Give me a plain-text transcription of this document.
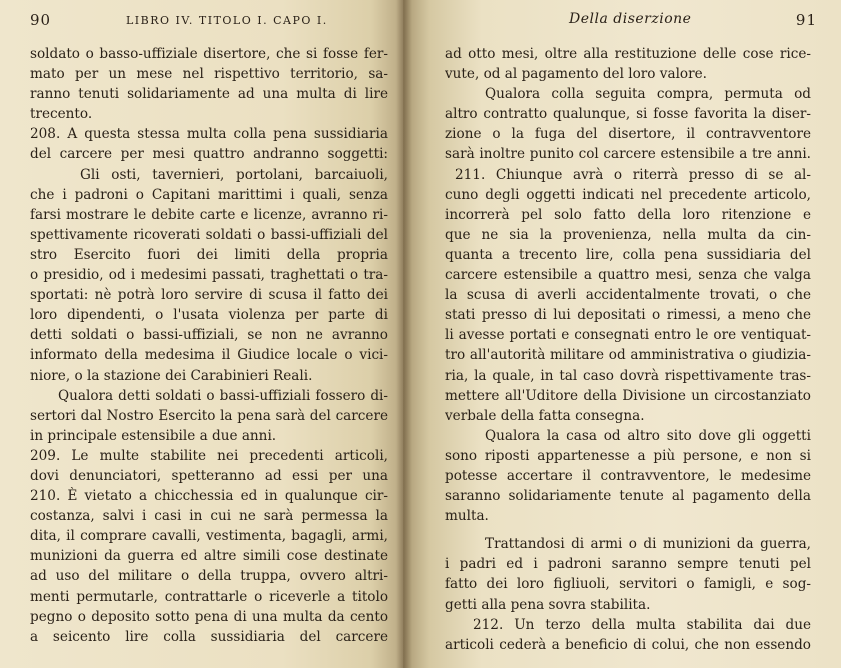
90	LIBRO IV. TITOLO I. CAPO I.
soldato o basso-uffiziale disertore, che si fosse fer-
mato per un mese nel rispettivo territorio, sa-
ranno tenuti solidariamente ad una multa di lire
trecento.
208. A questa stessa multa colla pena sussidiaria
del carcere per mesi quattro andranno soggetti:
Gli osti, tavernieri, portolani, barcaiuoli,
che i padroni o Capitani marittimi i quali, senza
farsi mostrare le debite carte e licenze, avranno ri-
spettivamente ricoverati soldati o bassi-uffiziali del
stro Esercito fuori dei limiti della propria
o presidio, od i medesimi passati, traghettati o tra-
sportati: nè potrà loro servire di scusa il fatto dei
loro dipendenti, o l'usata violenza per parte di
detti soldati o bassi-uffiziali, se non ne avranno
informato della medesima il Giudice locale o vici-
niore, o la stazione dei Carabinieri Reali.
Qualora detti soldati o bassi-uffiziali fossero di-
sertori dal Nostro Esercito la pena sarà del carcere
in principale estensibile a due anni.
209. Le multe stabilite nei precedenti articoli,
dovi denunciatori, spetteranno ad essi per una
210. È vietato a chicchessia ed in qualunque cir-
costanza, salvi i casi in cui ne sarà permessa la
dita, il comprare cavalli, vestimenta, bagagli, armi,
munizioni da guerra ed altre simili cose destinate
ad uso del militare o della truppa, ovvero altri-
menti permutarle, contrattarle o riceverle a titolo
pegno o deposito sotto pena di una multa da cento
a seicento lire colla sussidiaria del carcere
Della diserzione	91
ad otto mesi, oltre alla restituzione delle cose rice-
vute, od al pagamento del loro valore.
Qualora colla seguita compra, permuta od
altro contratto qualunque, si fosse favorita la diser-
zione o la fuga del disertore, il contravventore
sarà inoltre punito col carcere estensibile a tre anni.
211. Chiunque avrà o riterrà presso di se al-
cuno degli oggetti indicati nel precedente articolo,
incorrerà pel solo fatto della loro ritenzione e
que ne sia la provenienza, nella multa da cin-
quanta a trecento lire, colla pena sussidiaria del
carcere estensibile a quattro mesi, senza che valga
la scusa di averli accidentalmente trovati, o che
stati presso di lui depositati o rimessi, a meno che
li avesse portati e consegnati entro le ore ventiquat-
tro all'autorità militare od amministrativa o giudizia-
ria, la quale, in tal caso dovrà rispettivamente tras-
mettere all'Uditore della Divisione un circostanziato
verbale della fatta consegna.
Qualora la casa od altro sito dove gli oggetti
sono riposti appartenesse a più persone, e non si
potesse accertare il contravventore, le medesime
saranno solidariamente tenute al pagamento della
multa.
Trattandosi di armi o di munizioni da guerra,
i padri ed i padroni saranno sempre tenuti pel
fatto dei loro figliuoli, servitori o famigli, e sog-
getti alla pena sovra stabilita.
212. Un terzo della multa stabilita dai due
articoli cederà a beneficio di colui, che non essendo
